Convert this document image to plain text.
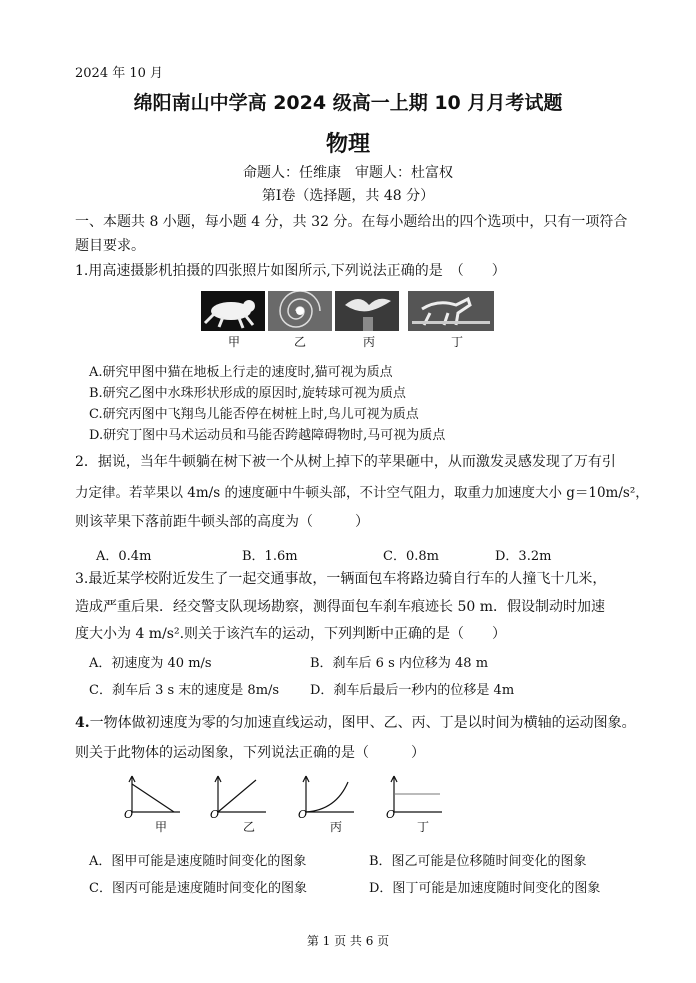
2024 年 10 月
绵阳南山中学高 2024 级高一上期 10 月月考试题
物理
命题人：任维康　审题人：杜富权
第Ⅰ卷（选择题，共 48 分）
一、本题共 8 小题，每小题 4 分，共 32 分。在每小题给出的四个选项中，只有一项符合
题目要求。
1.用高速摄影机拍摄的四张照片如图所示,下列说法正确的是　（　　）
甲	乙	丙	丁
A.研究甲图中猫在地板上行走的速度时,猫可视为质点
B.研究乙图中水珠形状形成的原因时,旋转球可视为质点
C.研究丙图中飞翔鸟儿能否停在树桩上时,鸟儿可视为质点
D.研究丁图中马术运动员和马能否跨越障碍物时,马可视为质点
2．据说，当年牛顿躺在树下被一个从树上掉下的苹果砸中，从而激发灵感发现了万有引
力定律。若苹果以 4m/s 的速度砸中牛顿头部，不计空气阻力，取重力加速度大小 g＝10m/s²，
则该苹果下落前距牛顿头部的高度为（　　　）
A．0.4m	B．1.6m	C．0.8m	D．3.2m
3.最近某学校附近发生了一起交通事故，一辆面包车将路边骑自行车的人撞飞十几米，
造成严重后果．经交警支队现场勘察，测得面包车刹车痕迹长 50 m．假设制动时加速
度大小为 4 m/s².则关于该汽车的运动，下列判断中正确的是（　　）
A．初速度为 40 m/s	B．刹车后 6 s 内位移为 48 m
C．刹车后 3 s 末的速度是 8m/s D．刹车后最后一秒内的位移是 4m
4.一物体做初速度为零的匀加速直线运动，图甲、乙、丙、丁是以时间为横轴的运动图象。
则关于此物体的运动图象，下列说法正确的是（　　　）
O	O	O	O
甲	乙	丙	丁
A．图甲可能是速度随时间变化的图象	B．图乙可能是位移随时间变化的图象
C．图丙可能是速度随时间变化的图象	D．图丁可能是加速度随时间变化的图象
第 1 页 共 6 页
